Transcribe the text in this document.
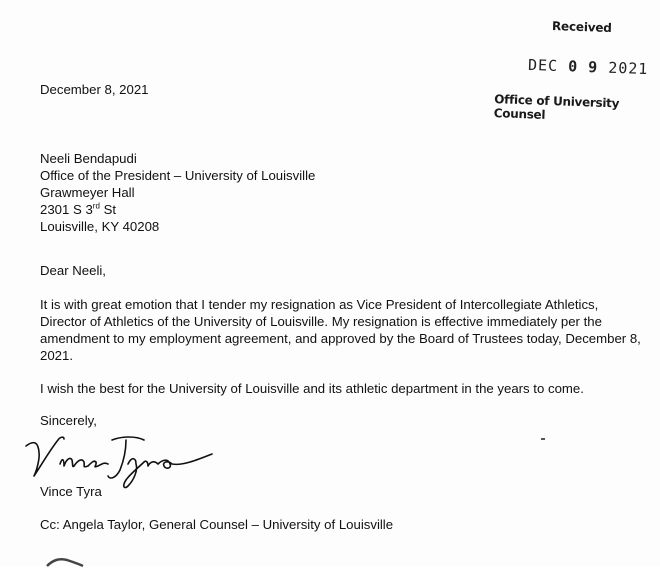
Received
DEC 0 9 2021
Office of University Counsel
December 8, 2021
Neeli Bendapudi
Office of the President – University of Louisville
Grawmeyer Hall
2301 S 3rd St
Louisville, KY 40208
Dear Neeli,
It is with great emotion that I tender my resignation as Vice President of Intercollegiate Athletics,
Director of Athletics of the University of Louisville. My resignation is effective immediately per the
amendment to my employment agreement, and approved by the Board of Trustees today, December 8,
2021.
I wish the best for the University of Louisville and its athletic department in the years to come.
Sincerely,
Vince Tyra
Cc: Angela Taylor, General Counsel – University of Louisville
